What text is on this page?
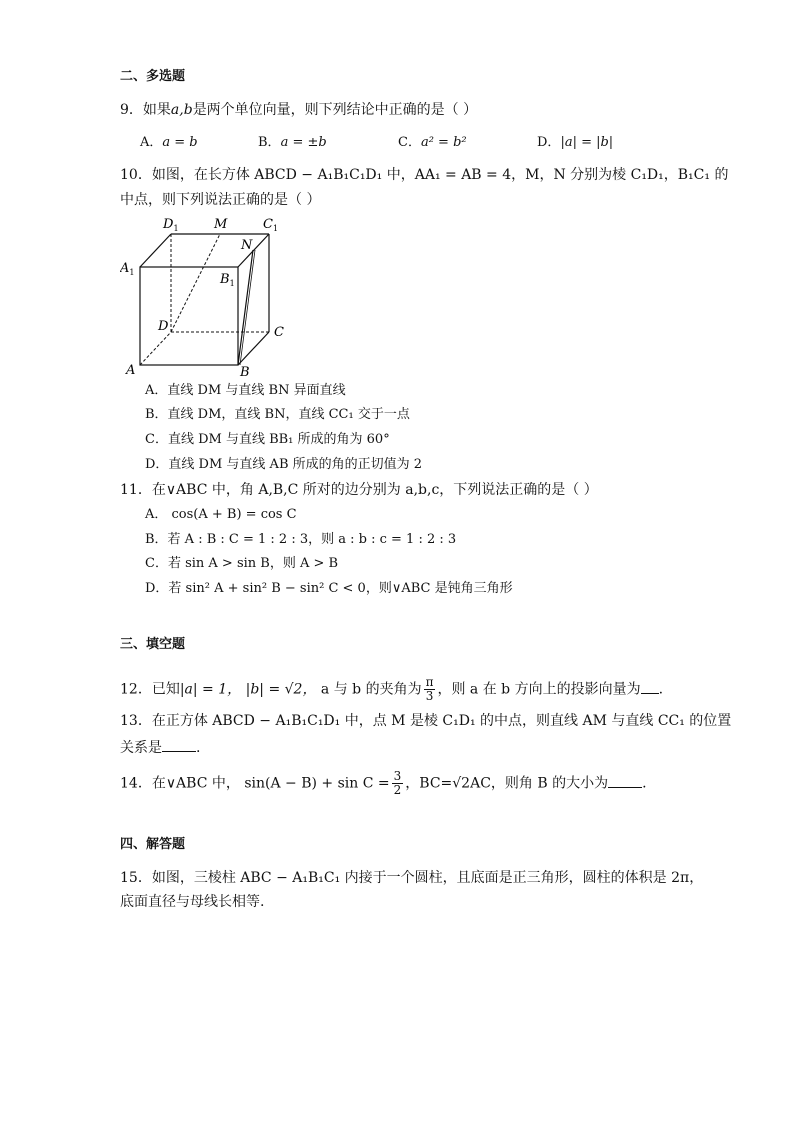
二、多选题
9．如果a,b是两个单位向量，则下列结论中正确的是（ ）
A．a = b	B．a = ±b	C．a² = b²	D．|a| = |b|
10．如图，在长方体 ABCD − A₁B₁C₁D₁ 中，AA₁ = AB = 4，M，N 分别为棱 C₁D₁，B₁C₁ 的
中点，则下列说法正确的是（ ）
$D_1$	M	$C_1$
$A_1$
N
$B_1$
D	C
A	B
A．直线 DM 与直线 BN 异面直线
B．直线 DM，直线 BN，直线 CC₁ 交于一点
C．直线 DM 与直线 BB₁ 所成的角为 60°
D．直线 DM 与直线 AB 所成的角的正切值为 2
11．在∨ABC 中，角 A,B,C 所对的边分别为 a,b,c，下列说法正确的是（ ）
A． cos(A + B) = cos C
B．若 A : B : C = 1 : 2 : 3，则 a : b : c = 1 : 2 : 3
C．若 sin A > sin B，则 A > B
D．若 sin² A + sin² B − sin² C < 0，则∨ABC 是钝角三角形
三、填空题
12．已知|a| = 1， |b| = √2， a 与 b 的夹角为 $\frac{\pi}{3}$ ，则 a 在 b 方向上的投影向量为 .
13．在正方体 ABCD − A₁B₁C₁D₁ 中，点 M 是棱 C₁D₁ 的中点，则直线 AM 与直线 CC₁ 的位置
关系是 .
14．在∨ABC 中， $\sin(A - B) + \sin C = \frac{3}{2}$ ，BC=√2AC，则角 B 的大小为 .
四、解答题
15．如图，三棱柱 ABC − A₁B₁C₁ 内接于一个圆柱，且底面是正三角形，圆柱的体积是 2π，
底面直径与母线长相等.
